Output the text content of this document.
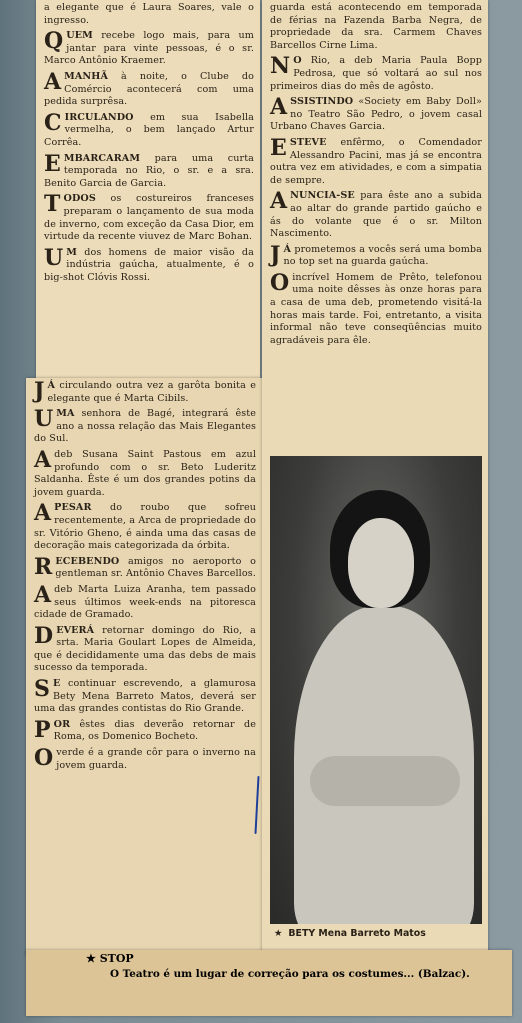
a elegante que é Laura Soares, vale o ingresso.

QUEM recebe logo mais, para um jantar para vinte pessoas, é o sr. Marco Antônio Kraemer.

AMANHÃ à noite, o Clube do Comércio acontecerá com uma pedida surprêsa.

CIRCULANDO em sua Isabella vermelha, o bem lançado Artur Corrêa.

EMBARCARAM para uma curta temporada no Rio, o sr. e a sra. Benito Garcia de Garcia.

TODOS os costureiros franceses preparam o lançamento de sua moda de inverno, com exceção da Casa Dior, em virtude da recente viuvez de Marc Bohan.

UM dos homens de maior visão da indústria gaúcha, atualmente, é o big-shot Clóvis Rossi.

JÁ circulando outra vez a garôta bonita e elegante que é Marta Cibils.

UMA senhora de Bagé, integrará êste ano a nossa relação das Mais Elegantes do Sul.

A deb Susana Saint Pastous em azul profundo com o sr. Beto Luderitz Saldanha. Êste é um dos grandes potins da jovem guarda.

APESAR do roubo que sofreu recentemente, a Arca de propriedade do sr. Vitório Gheno, é ainda uma das casas de decoração mais categorizada da órbita.

RECEBENDO amigos no aeroporto o gentleman sr. Antônio Chaves Barcellos.

A deb Marta Luiza Aranha, tem passado seus últimos week-ends na pitoresca cidade de Gramado.

DEVERÁ retornar domingo do Rio, a srta. Maria Goulart Lopes de Almeida, que é decididamente uma das debs de mais sucesso da temporada.

SE continuar escrevendo, a glamurosa Bety Mena Barreto Matos, deverá ser uma das grandes contistas do Rio Grande.

POR êstes dias deverão retornar de Roma, os Domenico Bocheto.

O verde é a grande côr para o inverno na jovem guarda.

guarda está acontecendo em temporada de férias na Fazenda Barba Negra, de propriedade da sra. Carmem Chaves Barcellos Cirne Lima.

NO Rio, a deb Maria Paula Bopp Pedrosa, que só voltará ao sul nos primeiros dias do mês de agôsto.

ASSISTINDO «Society em Baby Doll» no Teatro São Pedro, o jovem casal Urbano Chaves Garcia.

ESTEVE enfêrmo, o Comendador Alessandro Pacini, mas já se encontra outra vez em atividades, e com a simpatia de sempre.

ANUNCIA-SE para êste ano a subida ao altar do grande partido gaúcho e ás do volante que é o sr. Milton Nascimento.

JÁ prometemos a vocês será uma bomba no top set na guarda gaúcha.

O incrível Homem de Prêto, telefonou uma noite dêsses às onze horas para a casa de uma deb, prometendo visitá-la horas mais tarde. Foi, entretanto, a visita informal não teve conseqüências muito agradáveis para êle.

★ BETY Mena Barreto Matos
★ STOP
O Teatro é um lugar de correção para os costumes... (Balzac).
